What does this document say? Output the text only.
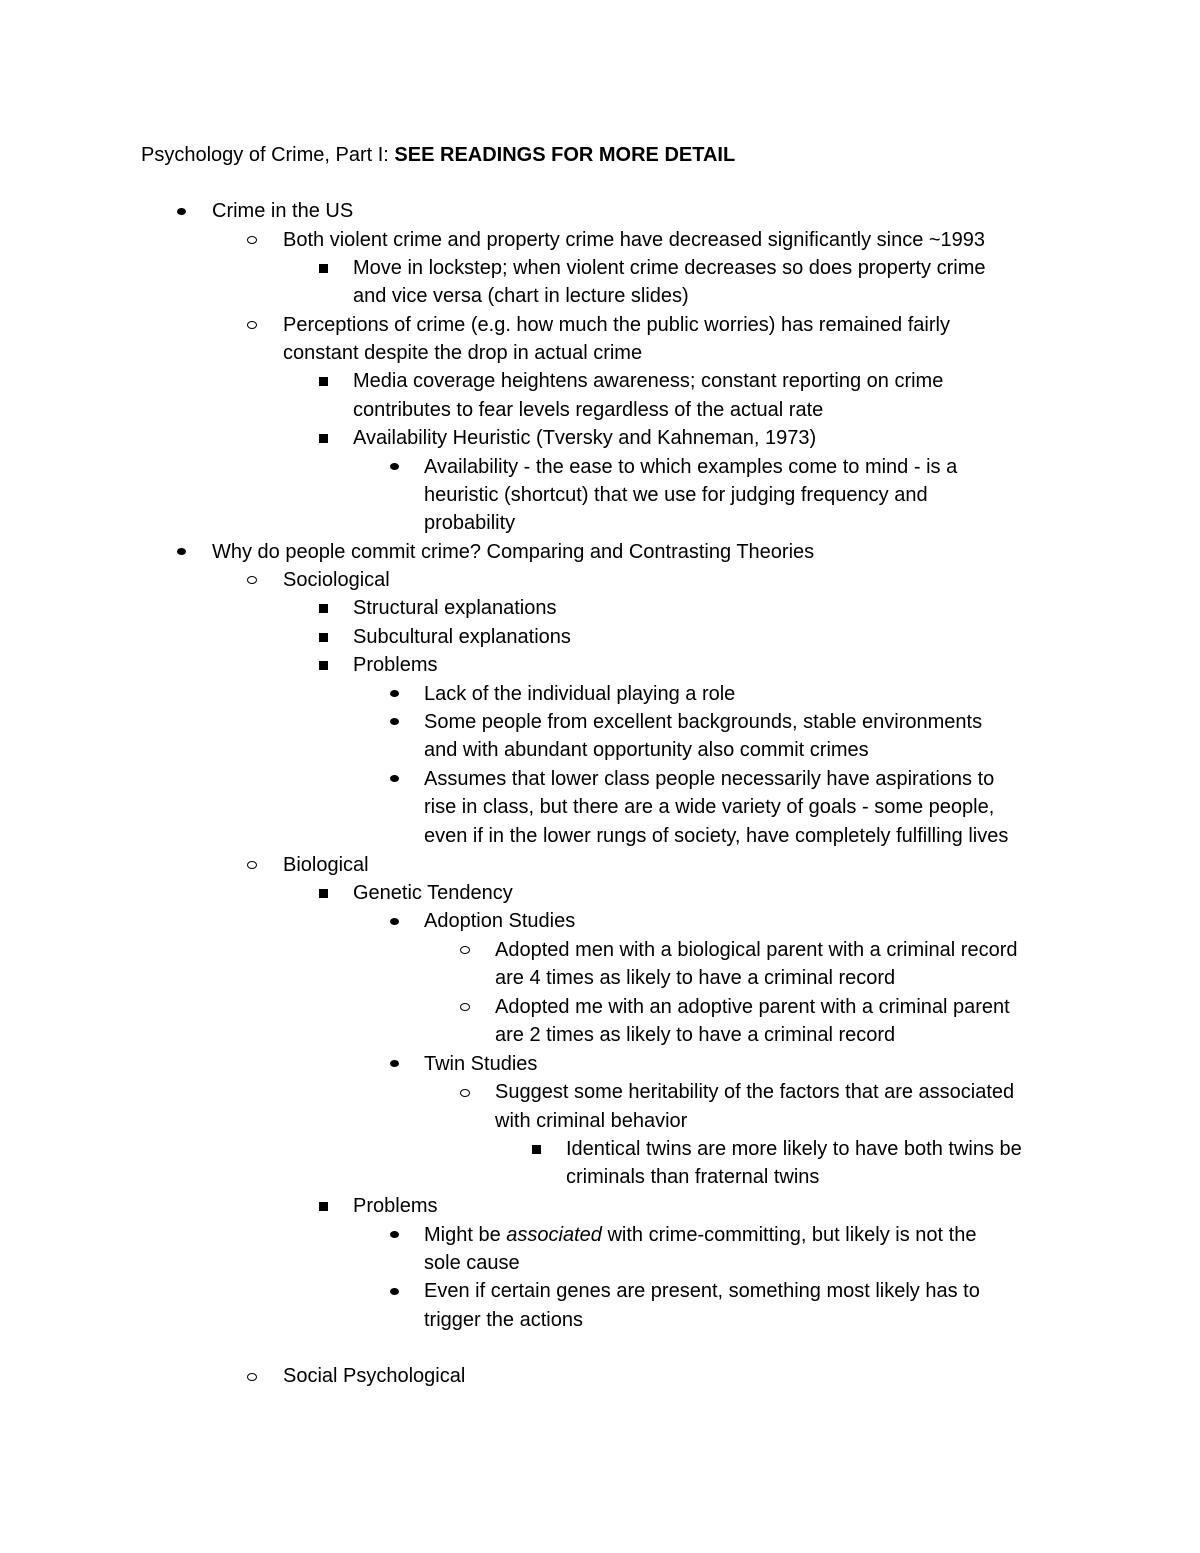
Psychology of Crime, Part I: SEE READINGS FOR MORE DETAIL
Crime in the US
Both violent crime and property crime have decreased significantly since ~1993
Move in lockstep; when violent crime decreases so does property crime
and vice versa (chart in lecture slides)
Perceptions of crime (e.g. how much the public worries) has remained fairly
constant despite the drop in actual crime
Media coverage heightens awareness; constant reporting on crime
contributes to fear levels regardless of the actual rate
Availability Heuristic (Tversky and Kahneman, 1973)
Availability - the ease to which examples come to mind - is a
heuristic (shortcut) that we use for judging frequency and
probability
Why do people commit crime? Comparing and Contrasting Theories
Sociological
Structural explanations
Subcultural explanations
Problems
Lack of the individual playing a role
Some people from excellent backgrounds, stable environments
and with abundant opportunity also commit crimes
Assumes that lower class people necessarily have aspirations to
rise in class, but there are a wide variety of goals - some people,
even if in the lower rungs of society, have completely fulfilling lives
Biological
Genetic Tendency
Adoption Studies
Adopted men with a biological parent with a criminal record
are 4 times as likely to have a criminal record
Adopted me with an adoptive parent with a criminal parent
are 2 times as likely to have a criminal record
Twin Studies
Suggest some heritability of the factors that are associated
with criminal behavior
Identical twins are more likely to have both twins be
criminals than fraternal twins
Problems
Might be associated with crime-committing, but likely is not the
sole cause
Even if certain genes are present, something most likely has to
trigger the actions
Social Psychological
